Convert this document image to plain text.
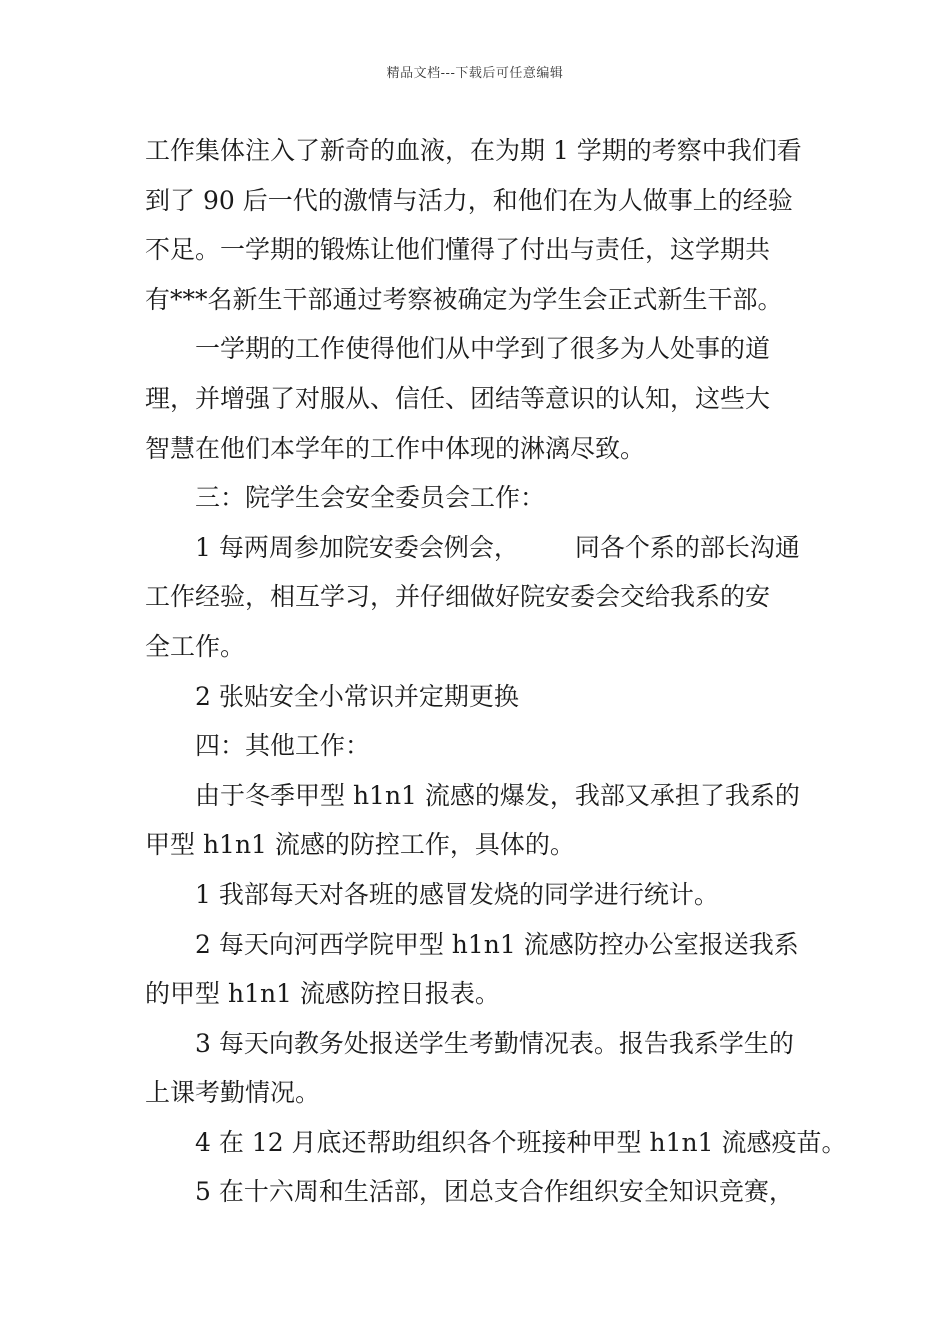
精品文档---下载后可任意编辑
工作集体注入了新奇的血液，在为期 1 学期的考察中我们看
到了 90 后一代的激情与活力，和他们在为人做事上的经验
不足。一学期的锻炼让他们懂得了付出与责任，这学期共
有***名新生干部通过考察被确定为学生会正式新生干部。
一学期的工作使得他们从中学到了很多为人处事的道
理，并增强了对服从、信任、团结等意识的认知，这些大
智慧在他们本学年的工作中体现的淋漓尽致。
三：院学生会安全委员会工作：
1 每两周参加院安委会例会， 同各个系的部长沟通
工作经验，相互学习，并仔细做好院安委会交给我系的安
全工作。
2 张贴安全小常识并定期更换
四：其他工作：
由于冬季甲型 h1n1 流感的爆发，我部又承担了我系的
甲型 h1n1 流感的防控工作，具体的。
1 我部每天对各班的感冒发烧的同学进行统计。
2 每天向河西学院甲型 h1n1 流感防控办公室报送我系
的甲型 h1n1 流感防控日报表。
3 每天向教务处报送学生考勤情况表。报告我系学生的
上课考勤情况。
4 在 12 月底还帮助组织各个班接种甲型 h1n1 流感疫苗。
5 在十六周和生活部，团总支合作组织安全知识竞赛，
